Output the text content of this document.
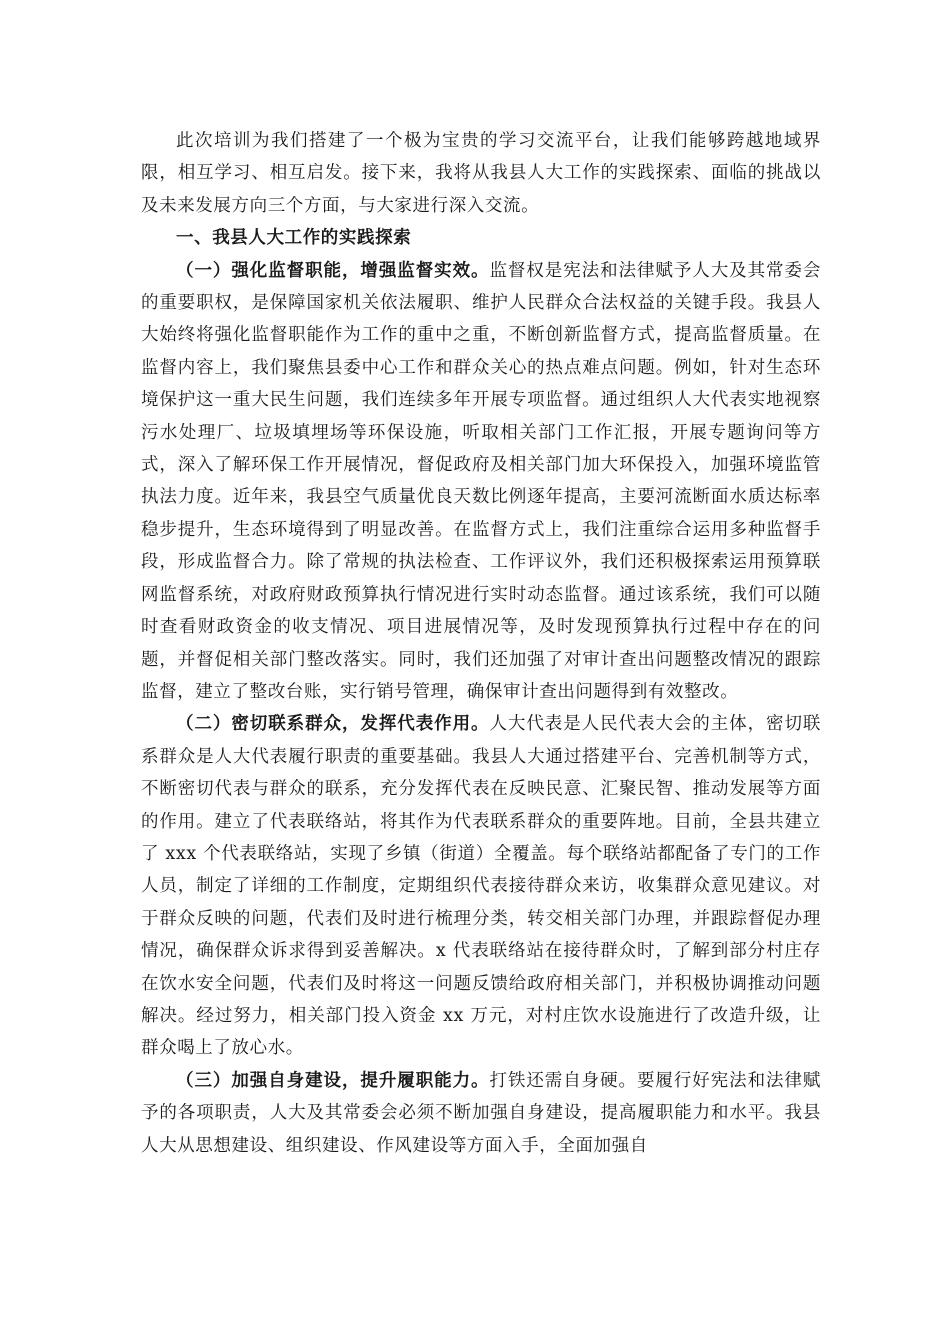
此次培训为我们搭建了一个极为宝贵的学习交流平台，让我们能够跨越地域界限，相互学习、相互启发。接下来，我将从我县人大工作的实践探索、面临的挑战以及未来发展方向三个方面，与大家进行深入交流。

一、我县人大工作的实践探索

（一）强化监督职能，增强监督实效。监督权是宪法和法律赋予人大及其常委会的重要职权，是保障国家机关依法履职、维护人民群众合法权益的关键手段。我县人大始终将强化监督职能作为工作的重中之重，不断创新监督方式，提高监督质量。在监督内容上，我们聚焦县委中心工作和群众关心的热点难点问题。例如，针对生态环境保护这一重大民生问题，我们连续多年开展专项监督。通过组织人大代表实地视察污水处理厂、垃圾填埋场等环保设施，听取相关部门工作汇报，开展专题询问等方式，深入了解环保工作开展情况，督促政府及相关部门加大环保投入，加强环境监管执法力度。近年来，我县空气质量优良天数比例逐年提高，主要河流断面水质达标率稳步提升，生态环境得到了明显改善。在监督方式上，我们注重综合运用多种监督手段，形成监督合力。除了常规的执法检查、工作评议外，我们还积极探索运用预算联网监督系统，对政府财政预算执行情况进行实时动态监督。通过该系统，我们可以随时查看财政资金的收支情况、项目进展情况等，及时发现预算执行过程中存在的问题，并督促相关部门整改落实。同时，我们还加强了对审计查出问题整改情况的跟踪监督，建立了整改台账，实行销号管理，确保审计查出问题得到有效整改。

（二）密切联系群众，发挥代表作用。人大代表是人民代表大会的主体，密切联系群众是人大代表履行职责的重要基础。我县人大通过搭建平台、完善机制等方式，不断密切代表与群众的联系，充分发挥代表在反映民意、汇聚民智、推动发展等方面的作用。建立了代表联络站，将其作为代表联系群众的重要阵地。目前，全县共建立了 xxx 个代表联络站，实现了乡镇（街道）全覆盖。每个联络站都配备了专门的工作人员，制定了详细的工作制度，定期组织代表接待群众来访，收集群众意见建议。对于群众反映的问题，代表们及时进行梳理分类，转交相关部门办理，并跟踪督促办理情况，确保群众诉求得到妥善解决。x 代表联络站在接待群众时，了解到部分村庄存在饮水安全问题，代表们及时将这一问题反馈给政府相关部门，并积极协调推动问题解决。经过努力，相关部门投入资金 xx 万元，对村庄饮水设施进行了改造升级，让群众喝上了放心水。

（三）加强自身建设，提升履职能力。打铁还需自身硬。要履行好宪法和法律赋予的各项职责，人大及其常委会必须不断加强自身建设，提高履职能力和水平。我县人大从思想建设、组织建设、作风建设等方面入手，全面加强自
